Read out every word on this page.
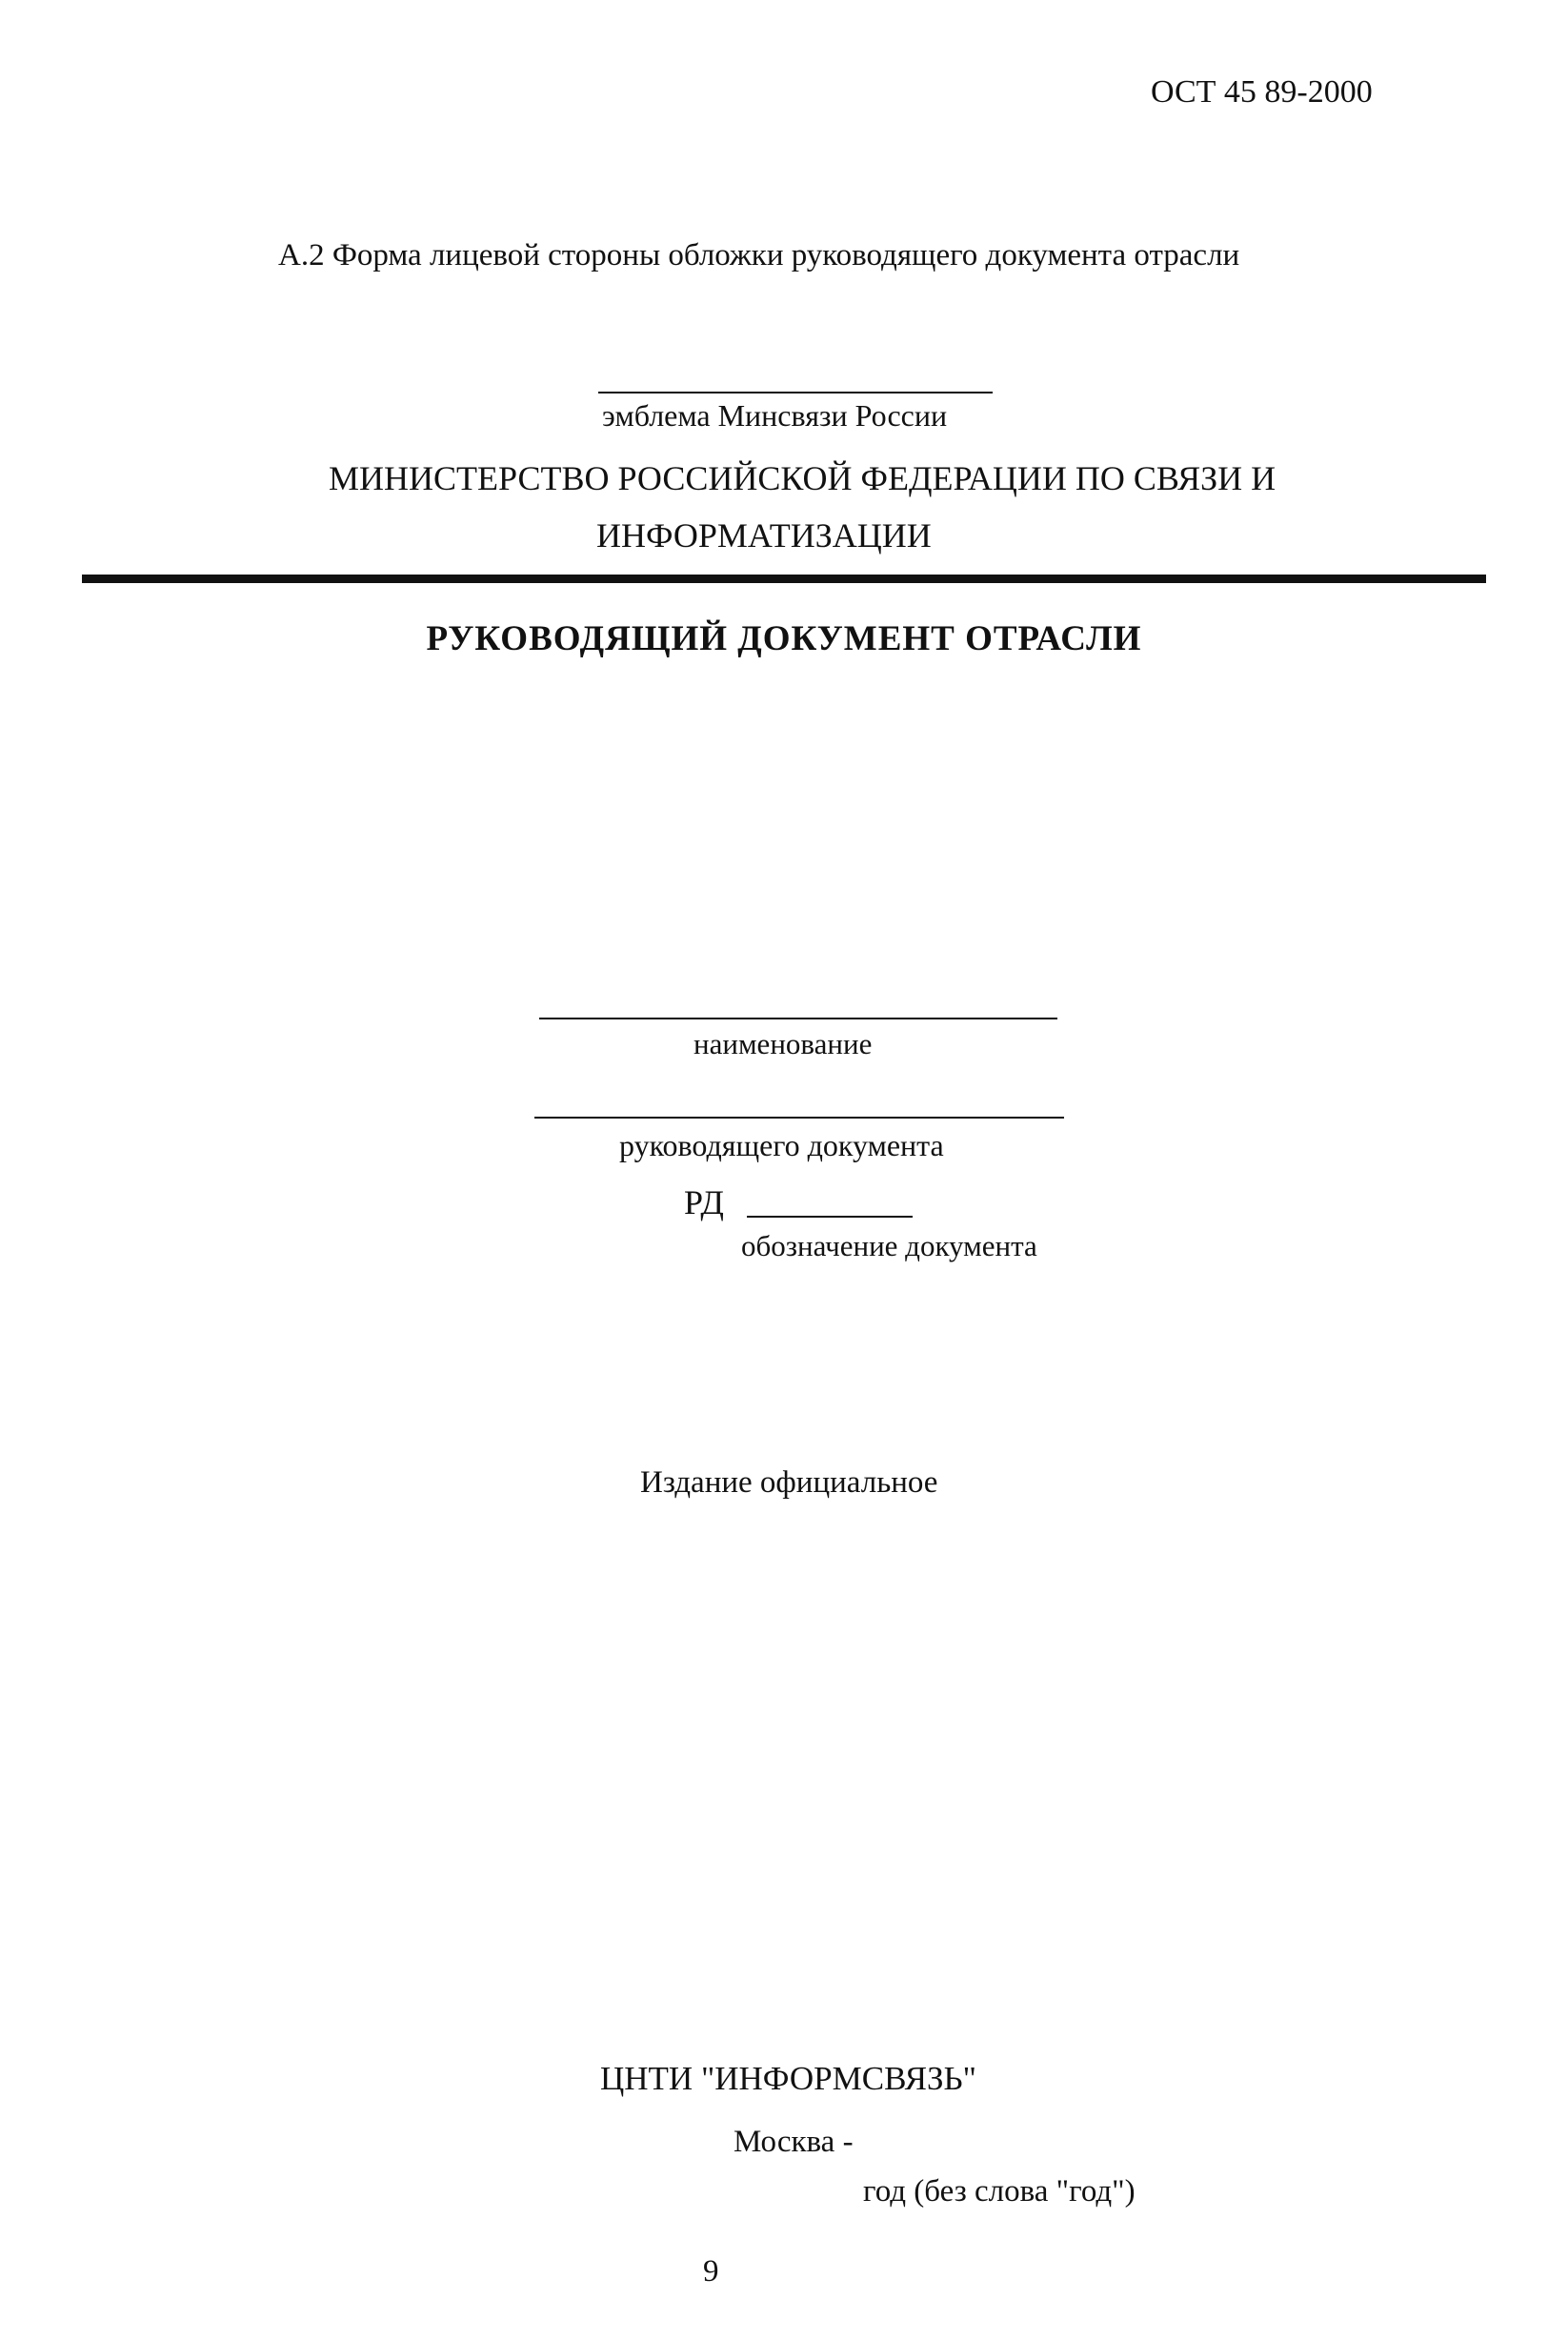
ОСТ 45 89-2000
А.2 Форма лицевой стороны обложки руководящего документа отрасли
эмблема Минсвязи России
МИНИСТЕРСТВО РОССИЙСКОЙ ФЕДЕРАЦИИ ПО СВЯЗИ И
ИНФОРМАТИЗАЦИИ
РУКОВОДЯЩИЙ ДОКУМЕНТ ОТРАСЛИ
наименование
руководящего документа
РД
обозначение документа
Издание официальное
ЦНТИ "ИНФОРМСВЯЗЬ"
Москва -
год (без слова "год")
9
